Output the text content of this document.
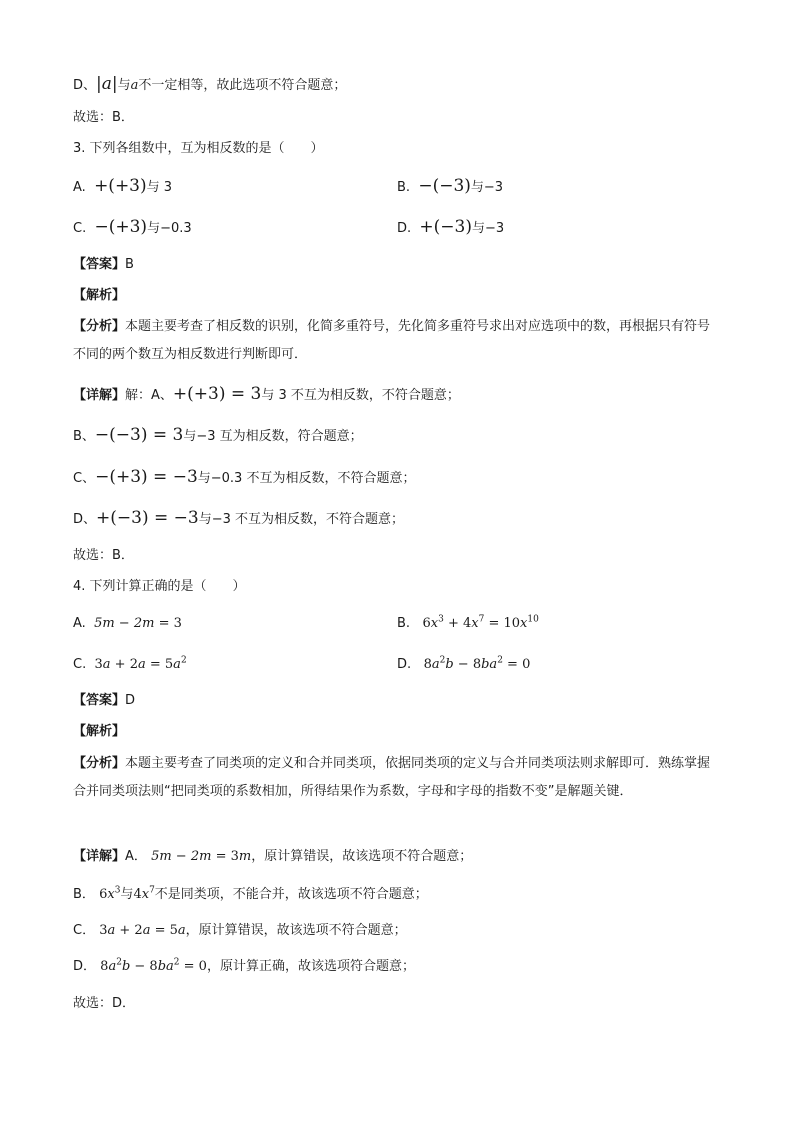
D、|a|与a不一定相等，故此选项不符合题意；
故选：B．
3. 下列各组数中，互为相反数的是（　　）
A. +(+3)与 3	B. −(−3)与−3
C. −(+3)与−0.3	D. +(−3)与−3
【答案】B
【解析】
【分析】本题主要考查了相反数的识别，化简多重符号，先化简多重符号求出对应选项中的数，再根据只有符号不同的两个数互为相反数进行判断即可．
【详解】解：A、+(+3) = 3与 3 不互为相反数，不符合题意；
B、−(−3) = 3与−3 互为相反数，符合题意；
C、−(+3) = −3与−0.3 不互为相反数，不符合题意；
D、+(−3) = −3与−3 不互为相反数，不符合题意；
故选：B．
4. 下列计算正确的是（　　）
A. 5m − 2m = 3	B. $6x^3 + 4x^7 = 10x^{10}$
C. $3a + 2a = 5a^2$	D. $8a^2b - 8ba^2 = 0$
【答案】D
【解析】
【分析】本题主要考查了同类项的定义和合并同类项，依据同类项的定义与合并同类项法则求解即可．熟练掌握合并同类项法则“把同类项的系数相加，所得结果作为系数，字母和字母的指数不变”是解题关键．
【详解】A． 5m − 2m = 3m，原计算错误，故该选项不符合题意；
B． $6x^3$与$4x^7$不是同类项，不能合并，故该选项不符合题意；
C． 3a + 2a = 5a，原计算错误，故该选项不符合题意；
D． $8a^2b - 8ba^2 = 0$，原计算正确，故该选项符合题意；
故选：D．
